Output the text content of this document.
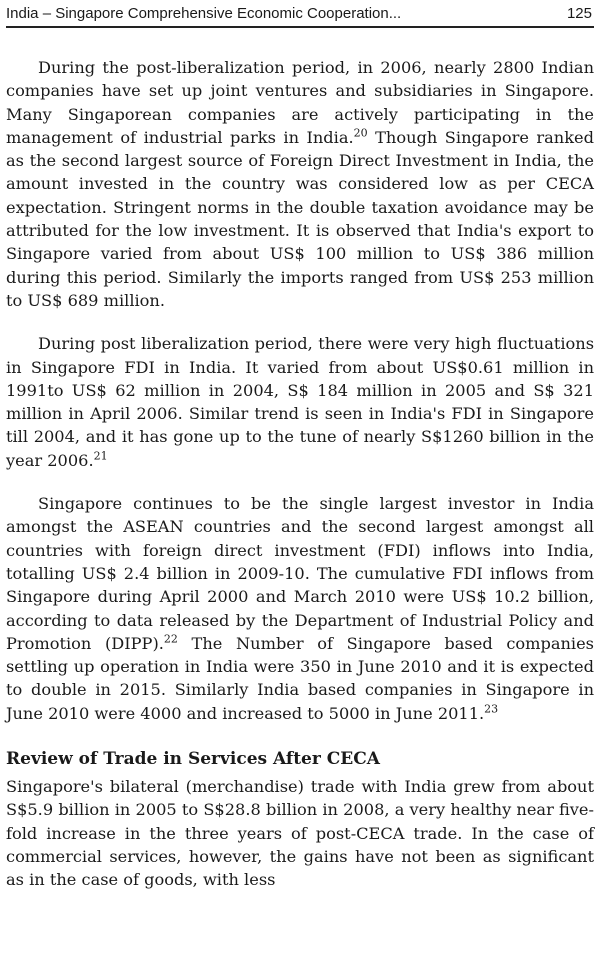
India – Singapore Comprehensive Economic Cooperation...	125

During the post-liberalization period, in 2006, nearly 2800 Indian companies have set up joint ventures and subsidiaries in Singapore. Many Singaporean companies are actively participating in the management of industrial parks in India.$^{20}$ Though Singapore ranked as the second largest source of Foreign Direct Investment in India, the amount invested in the country was considered low as per CECA expectation. Stringent norms in the double taxation avoidance may be attributed for the low investment. It is observed that India's export to Singapore varied from about US$ 100 million to US$ 386 million during this period. Similarly the imports ranged from US$ 253 million to US$ 689 million.

During post liberalization period, there were very high fluctuations in Singapore FDI in India. It varied from about US$0.61 million in 1991to US$ 62 million in 2004, S$ 184 million in 2005 and S$ 321 million in April 2006. Similar trend is seen in India's FDI in Singapore till 2004, and it has gone up to the tune of nearly S$1260 billion in the year 2006.21

Singapore continues to be the single largest investor in India amongst the ASEAN countries and the second largest amongst all countries with foreign direct investment (FDI) inflows into India, totalling US$ 2.4 billion in 2009-10. The cumulative FDI inflows from Singapore during April 2000 and March 2010 were US$ 10.2 billion, according to data released by the Department of Industrial Policy and Promotion (DIPP).$^{22}$ The Number of Singapore based companies settling up operation in India were 350 in June 2010 and it is expected to double in 2015. Similarly India based companies in Singapore in June 2010 were 4000 and increased to 5000 in June 2011.23

Review of Trade in Services After CECA

Singapore's bilateral (merchandise) trade with India grew from about S$5.9 billion in 2005 to S$28.8 billion in 2008, a very healthy near five-fold increase in the three years of post-CECA trade. In the case of commercial services, however, the gains have not been as significant as in the case of goods, with less
